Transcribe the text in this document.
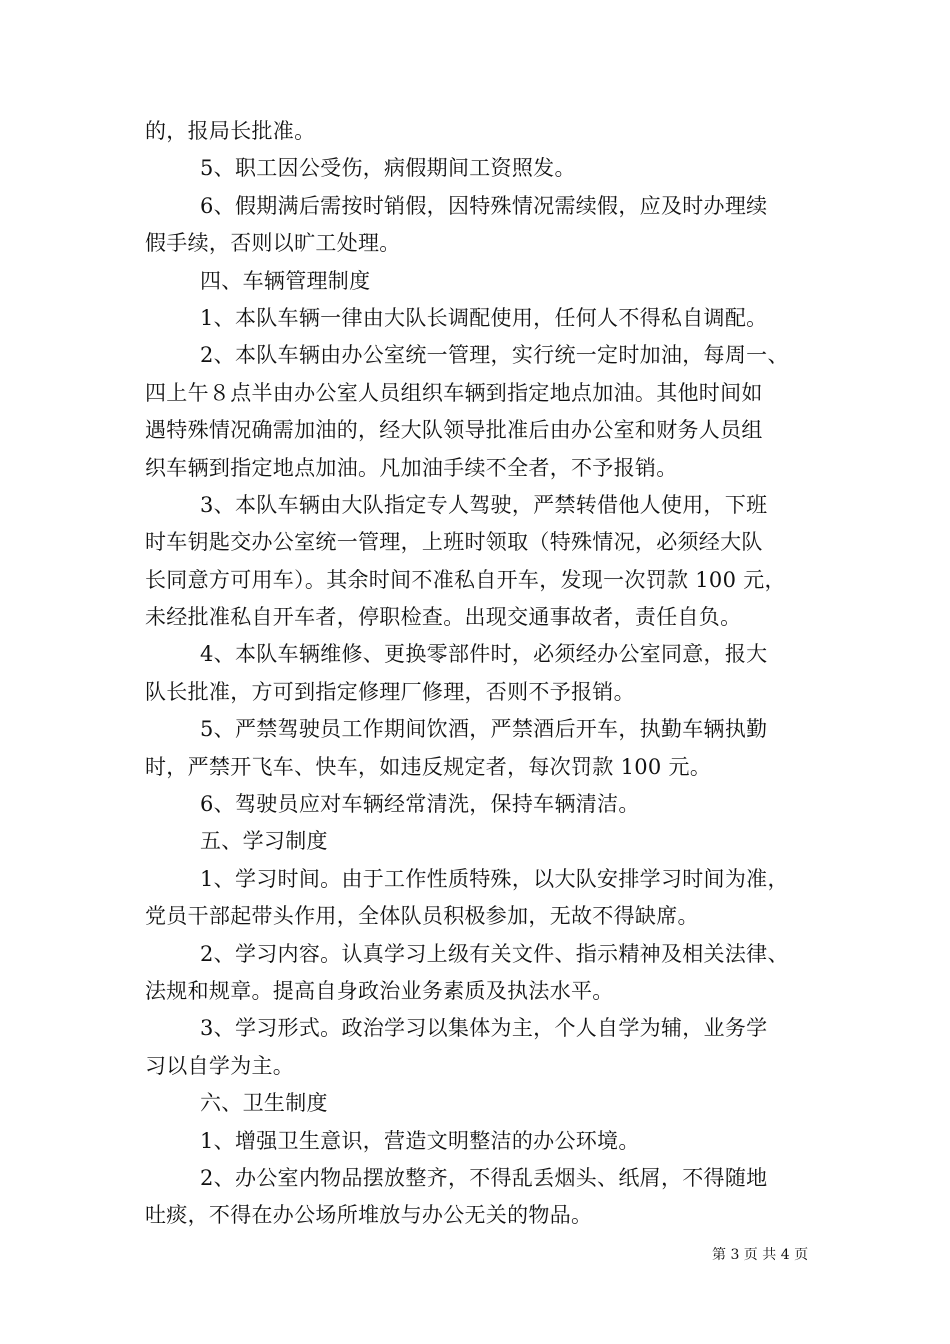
的，报局长批准。
5、职工因公受伤，病假期间工资照发。
6、假期满后需按时销假，因特殊情况需续假，应及时办理续
假手续，否则以旷工处理。
四、车辆管理制度
1、本队车辆一律由大队长调配使用，任何人不得私自调配。
2、本队车辆由办公室统一管理，实行统一定时加油，每周一、
四上午８点半由办公室人员组织车辆到指定地点加油。其他时间如
遇特殊情况确需加油的，经大队领导批准后由办公室和财务人员组
织车辆到指定地点加油。凡加油手续不全者，不予报销。
3、本队车辆由大队指定专人驾驶，严禁转借他人使用，下班
时车钥匙交办公室统一管理，上班时领取（特殊情况，必须经大队
长同意方可用车）。其余时间不准私自开车，发现一次罚款 100 元，
未经批准私自开车者，停职检查。出现交通事故者，责任自负。
4、本队车辆维修、更换零部件时，必须经办公室同意，报大
队长批准，方可到指定修理厂修理，否则不予报销。
5、严禁驾驶员工作期间饮酒，严禁酒后开车，执勤车辆执勤
时，严禁开飞车、快车，如违反规定者，每次罚款 100 元。
6、驾驶员应对车辆经常清洗，保持车辆清洁。
五、学习制度
1、学习时间。由于工作性质特殊，以大队安排学习时间为准，
党员干部起带头作用，全体队员积极参加，无故不得缺席。
2、学习内容。认真学习上级有关文件、指示精神及相关法律、
法规和规章。提高自身政治业务素质及执法水平。
3、学习形式。政治学习以集体为主，个人自学为辅，业务学
习以自学为主。
六、卫生制度
1、增强卫生意识，营造文明整洁的办公环境。
2、办公室内物品摆放整齐，不得乱丢烟头、纸屑，不得随地
吐痰，不得在办公场所堆放与办公无关的物品。
第 3 页 共 4 页
